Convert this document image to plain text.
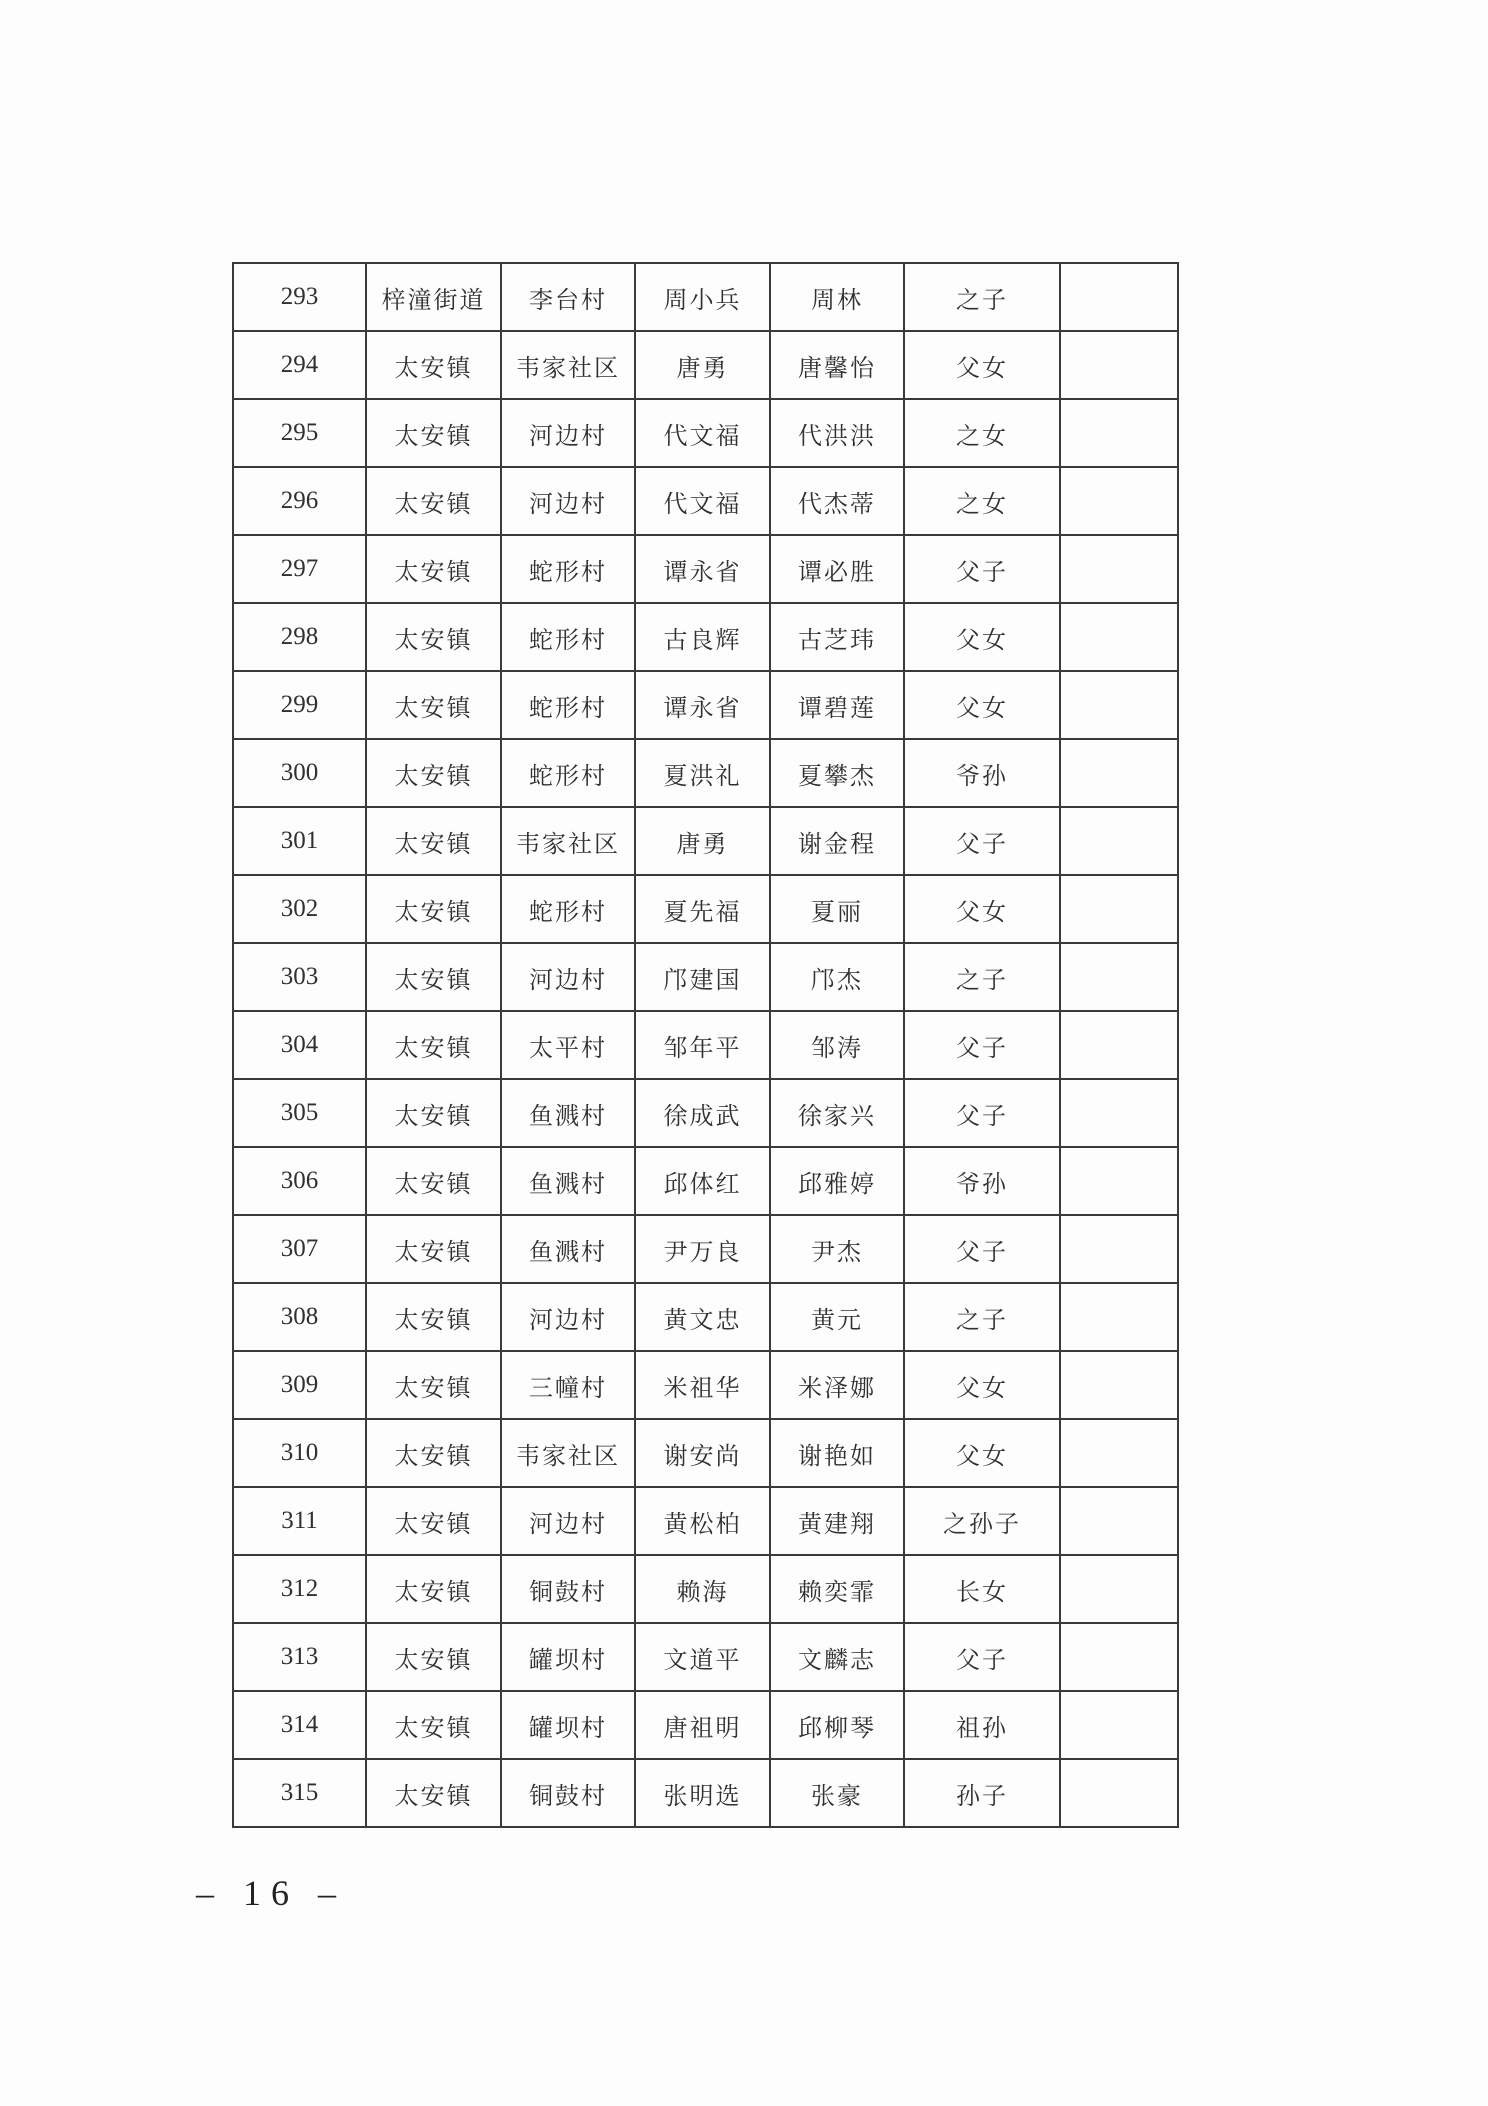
293	梓潼街道	李台村	周小兵	周林	之子	
294	太安镇	韦家社区	唐勇	唐馨怡	父女	
295	太安镇	河边村	代文福	代洪洪	之女	
296	太安镇	河边村	代文福	代杰蒂	之女	
297	太安镇	蛇形村	谭永省	谭必胜	父子	
298	太安镇	蛇形村	古良辉	古芝玮	父女	
299	太安镇	蛇形村	谭永省	谭碧莲	父女	
300	太安镇	蛇形村	夏洪礼	夏攀杰	爷孙	
301	太安镇	韦家社区	唐勇	谢金程	父子	
302	太安镇	蛇形村	夏先福	夏丽	父女	
303	太安镇	河边村	邝建国	邝杰	之子	
304	太安镇	太平村	邹年平	邹涛	父子	
305	太安镇	鱼溅村	徐成武	徐家兴	父子	
306	太安镇	鱼溅村	邱体红	邱雅婷	爷孙	
307	太安镇	鱼溅村	尹万良	尹杰	父子	
308	太安镇	河边村	黄文忠	黄元	之子	
309	太安镇	三幢村	米祖华	米泽娜	父女	
310	太安镇	韦家社区	谢安尚	谢艳如	父女	
311	太安镇	河边村	黄松柏	黄建翔	之孙子	
312	太安镇	铜鼓村	赖海	赖奕霏	长女	
313	太安镇	罐坝村	文道平	文麟志	父子	
314	太安镇	罐坝村	唐祖明	邱柳琴	祖孙	
315	太安镇	铜鼓村	张明选	张豪	孙子	
– 16 –
